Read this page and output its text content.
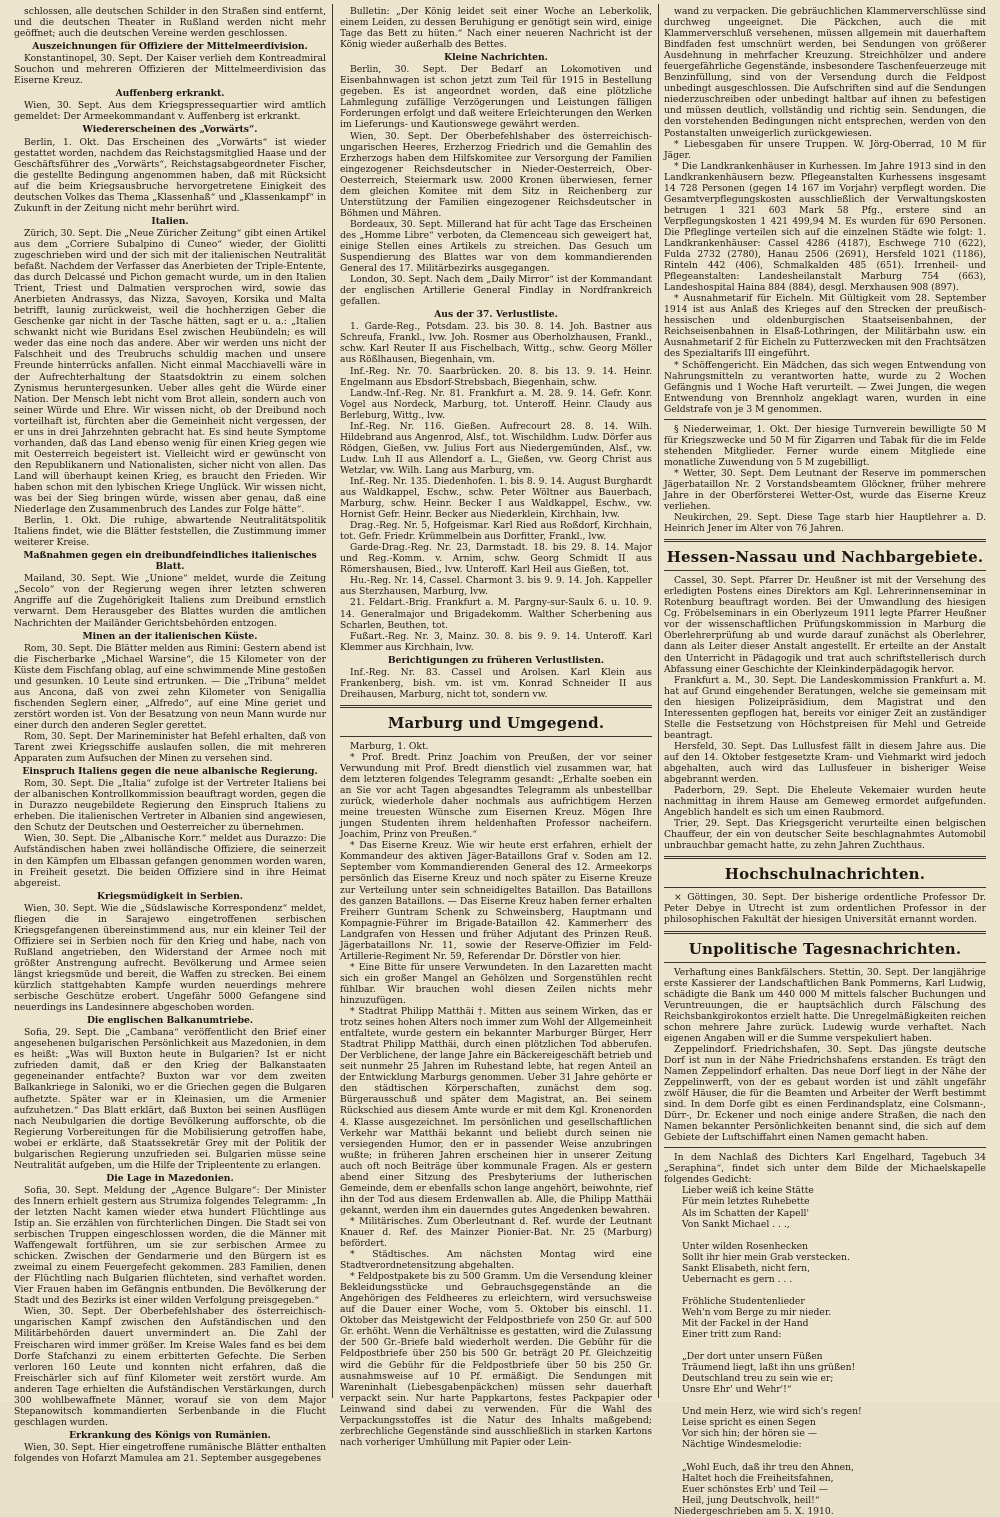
schlossen, alle deutschen Schilder in den Straßen sind entfernt, und die deutschen Theater in Rußland werden nicht mehr geöffnet; auch die deutschen Vereine werden geschlossen.
Auszeichnungen für Offiziere der Mittelmeerdivision.
Konstantinopel, 30. Sept. Der Kaiser verlieh dem Kontreadmiral Souchon und mehreren Offizieren der Mittelmeerdivision das Eiserne Kreuz.
Auffenberg erkrankt.
Wien, 30. Sept. Aus dem Kriegspressequartier wird amtlich gemeldet: Der Armeekommandant v. Auffenberg ist erkrankt.
Wiedererscheinen des „Vorwärts“.
Berlin, 1. Okt. Das Erscheinen des „Vorwärts“ ist wieder gestattet worden, nachdem das Reichstagsmitglied Haase und der Geschäftsführer des „Vorwärts“, Reichstagsabgeordneter Fischer, die gestellte Bedingung angenommen haben, daß mit Rücksicht auf die beim Kriegsausbruche hervorgetretene Einigkeit des deutschen Volkes das Thema „Klassenhaß“ und „Klassenkampf“ in Zukunft in der Zeitung nicht mehr berührt wird.
Italien.
Zürich, 30. Sept. Die „Neue Züricher Zeitung“ gibt einen Artikel aus dem „Corriere Subalpino di Cuneo“ wieder, der Giolitti zugeschrieben wird und der sich mit der italienischen Neutralität befaßt. Nachdem der Verfasser das Anerbieten der Triple-Entente, das durch Delcassé und Pichon gemacht wurde, um in den Italien Trient, Triest und Dalmatien versprochen wird, sowie das Anerbieten Andrassys, das Nizza, Savoyen, Korsika und Malta betrifft, launig zurückweist, weil die hochherzigen Geber die Geschenke gar nicht in der Tasche hätten, sagt er u. a.: „Italien schwankt nicht wie Buridans Esel zwischen Heubündeln; es will weder das eine noch das andere. Aber wir werden uns nicht der Falschheit und des Treubruchs schuldig machen und unsere Freunde hinterrücks anfallen. Nicht einmal Macchiavelli wäre in der Aufrechterhaltung der Staatsdoktrin zu einem solchen Zynismus heruntergesunken. Ueber alles geht die Würde einer Nation. Der Mensch lebt nicht vom Brot allein, sondern auch von seiner Würde und Ehre. Wir wissen nicht, ob der Dreibund noch vorteilhaft ist, fürchten aber die Gemeinheit nicht vergessen, der er uns in drei Jahrzehnten gebracht hat. Es sind heute Symptome vorhanden, daß das Land ebenso wenig für einen Krieg gegen wie mit Oesterreich begeistert ist. Vielleicht wird er gewünscht von den Republikanern und Nationalisten, sicher nicht von allen. Das Land will überhaupt keinen Krieg, es braucht den Frieden. Wir haben schon mit den lybischen Kriege Unglück. Wir wissen nicht, was bei der Sieg bringen würde, wissen aber genau, daß eine Niederlage den Zusammenbruch des Landes zur Folge hätte“.
Berlin, 1. Okt. Die ruhige, abwartende Neutralitätspolitik Italiens findet, wie die Blätter feststellen, die Zustimmung immer weiterer Kreise.
Maßnahmen gegen ein dreibundfeindliches italienisches Blatt.
Mailand, 30. Sept. Wie „Unione“ meldet, wurde die Zeitung „Secolo“ von der Regierung wegen ihrer letzten schweren Angriffe auf die Zugehörigkeit Italiens zum Dreibund ernstlich verwarnt. Dem Herausgeber des Blattes wurden die amtlichen Nachrichten der Mailänder Gerichtsbehörden entzogen.
Minen an der italienischen Küste.
Rom, 30. Sept. Die Blätter melden aus Rimini: Gestern abend ist die Fischerbarke „Michael Warsine“, die 15 Kilometer von der Küste dem Fischfang oblag, auf eine schwimmende Mine gestoßen und gesunken. 10 Leute sind ertrunken. — Die „Tribuna“ meldet aus Ancona, daß von zwei zehn Kilometer von Senigallia fischenden Seglern einer, „Alfredo“, auf eine Mine geriet und zerstört worden ist. Von der Besatzung von neun Mann wurde nur einer durch den anderen Segler gerettet.
Rom, 30. Sept. Der Marineminister hat Befehl erhalten, daß von Tarent zwei Kriegsschiffe auslaufen sollen, die mit mehreren Apparaten zum Aufsuchen der Minen zu versehen sind.
Einspruch Italiens gegen die neue albanische Regierung.
Rom, 30. Sept. Die „Italia“ zufolge ist der Vertreter Italiens bei der albanischen Kontrollkommission beauftragt worden, gegen die in Durazzo neugebildete Regierung den Einspruch Italiens zu erheben. Die italienischen Vertreter in Albanien sind angewiesen, den Schutz der Deutschen und Oesterreicher zu übernehmen.
Wien, 30. Sept. Die „Albanische Korr.“ meldet aus Durazzo: Die Aufständischen haben zwei holländische Offiziere, die seinerzeit in den Kämpfen um Elbassan gefangen genommen worden waren, in Freiheit gesetzt. Die beiden Offiziere sind in ihre Heimat abgereist.
Kriegsmüdigkeit in Serbien.
Wien, 30. Sept. Wie die „Südslawische Korrespondenz“ meldet, fliegen die in Sarajewo eingetroffenen serbischen Kriegsgefangenen übereinstimmend aus, nur ein kleiner Teil der Offiziere sei in Serbien noch für den Krieg und habe, nach von Rußland angetrieben, den Widerstand der Armee noch mit größter Anstrengung aufrecht. Bevölkerung und Armee seien längst kriegsmüde und bereit, die Waffen zu strecken. Bei einem kürzlich stattgehabten Kampfe wurden neuerdings mehrere serbische Geschütze erobert. Ungefähr 5000 Gefangene sind neuerdings ins Landesinnere abgeschoben worden.
Die englischen Balkanumtriebe.
Sofia, 29. Sept. Die „Cambana“ veröffentlicht den Brief einer angesehenen bulgarischen Persönlichkeit aus Mazedonien, in dem es heißt: „Was will Buxton heute in Bulgarien? Ist er nicht zufrieden damit, daß er den Krieg der Balkanstaaten gegeneinander entfachte? Buxton war vor dem zweiten Balkankriege in Saloniki, wo er die Griechen gegen die Bulgaren aufhetzte. Später war er in Kleinasien, um die Armenier aufzuhetzen.“ Das Blatt erklärt, daß Buxton bei seinen Ausflügen nach Neubulgarien die dortige Bevölkerung aufforschte, ob die Regierung Vorbereitungen für die Mobilisierung getroffen habe, wobei er erklärte, daß Staatssekretär Grey mit der Politik der bulgarischen Regierung unzufrieden sei. Bulgarien müsse seine Neutralität aufgeben, um die Hilfe der Tripleentente zu erlangen.
Die Lage in Mazedonien.
Sofia, 30. Sept. Meldung der „Agence Bulgare“: Der Minister des Innern erhielt gestern aus Strumiza folgendes Telegramm: „In der letzten Nacht kamen wieder etwa hundert Flüchtlinge aus Istip an. Sie erzählen von fürchterlichen Dingen. Die Stadt sei von serbischen Truppen eingeschlossen worden, die die Männer mit Waffengewalt fortführen, um sie zur serbischen Armee zu schicken. Zwischen der Gendarmerie und den Bürgern ist es zweimal zu einem Feuergefecht gekommen. 283 Familien, denen der Flüchtling nach Bulgarien flüchteten, sind verhaftet worden. Vier Frauen haben im Gefängnis entbunden. Die Bevölkerung der Stadt und des Bezirks ist einer wilden Verfolgung preisgegeben.“
Wien, 30. Sept. Der Oberbefehlshaber des österreichisch-ungarischen Kampf zwischen den Aufständischen und den Militärbehörden dauert unvermindert an. Die Zahl der Freischaren wird immer größer. Im Kreise Wales fand es bei dem Dorfe Stafchanzi zu einem erbitterten Gefechte. Die Serben verloren 160 Leute und konnten nicht erfahren, daß die Freischärler sich auf fünf Kilometer weit zerstört wurde. Am anderen Tage erhielten die Aufständischen Verstärkungen, durch 300 wohlbewaffnete Männer, worauf sie von dem Major Stepanowitsch kommandierten Serbenbande in die Flucht geschlagen wurden.
Erkrankung des Königs von Rumänien.
Wien, 30. Sept. Hier eingetroffene rumänische Blätter enthalten folgendes von Hofarzt Mamulea am 21. September ausgegebenes
Bulletin: „Der König leidet seit einer Woche an Leberkolik, einem Leiden, zu dessen Beruhigung er genötigt sein wird, einige Tage das Bett zu hüten.“ Nach einer neueren Nachricht ist der König wieder außerhalb des Bettes.
Kleine Nachrichten.
Berlin, 30. Sept. Der Bedarf an Lokomotiven und Eisenbahnwagen ist schon jetzt zum Teil für 1915 in Bestellung gegeben. Es ist angeordnet worden, daß eine plötzliche Lahmlegung zufällige Verzögerungen und Leistungen fälligen Forderungen erfolgt und daß weitere Erleichterungen den Werken im Lieferungs- und Kautionswege gewährt werden.
Wien, 30. Sept. Der Oberbefehlshaber des österreichisch-ungarischen Heeres, Erzherzog Friedrich und die Gemahlin des Erzherzogs haben dem Hilfskomitee zur Versorgung der Familien eingezogener Reichsdeutscher in Nieder-Oesterreich, Ober-Oesterreich, Steiermark usw. 2000 Kronen überwiesen, ferner dem gleichen Komitee mit dem Sitz in Reichenberg zur Unterstützung der Familien eingezogener Reichsdeutscher in Böhmen und Mähren.
Bordeaux, 30. Sept. Millerand hat für acht Tage das Erscheinen des „Homme Libre“ verboten, da Clemenceau sich geweigert hat, einige Stellen eines Artikels zu streichen. Das Gesuch um Suspendierung des Blattes war von dem kommandierenden General des 17. Militärbezirks ausgegangen.
London, 30. Sept. Nach dem „Daily Mirror“ ist der Kommandant der englischen Artillerie General Findlay in Nordfrankreich gefallen.
Aus der 37. Verlustliste.
1. Garde-Reg., Potsdam. 23. bis 30. 8. 14. Joh. Bastner aus Schreufa, Frankl., lvw. Joh. Rosmer aus Oberholzhausen, Frankl., schw. Karl Reuter II aus Fischelbach, Wittg., schw. Georg Möller aus Rößlhausen, Biegenhain, vm.
Inf.-Reg. Nr. 70. Saarbrücken. 20. 8. bis 13. 9. 14. Heinr. Engelmann aus Ebsdorf-Strebsbach, Biegenhain, schw.
Landw.-Inf.-Reg. Nr. 81. Frankfurt a. M. 28. 9. 14. Gefr. Konr. Vogel aus Nordeck, Marburg, tot. Unteroff. Heinr. Claudy aus Berleburg, Wittg., lvw.
Inf.-Reg. Nr. 116. Gießen. Aufrecourt 28. 8. 14. Wilh. Hildebrand aus Angenrod, Alsf., tot. Wischildhm. Ludw. Dörfer aus Rödgen, Gießen, vw. Julius Fort aus Niedergemünden, Alsf., vw. Ludw. Luh II aus Allendorf a. L., Gießen, vw. Georg Christ aus Wetzlar, vw. Wilh. Lang aus Marburg, vm.
Inf.-Reg. Nr. 135. Diedenhofen. 1. bis 8. 9. 14. August Burghardt aus Waldkappel, Eschw., schw. Peter Wöltner aus Bauerbach, Marburg, schw. Heinr. Becker I aus Waldkappel, Eschw., vw. Hornist Gefr. Heinr. Becker aus Niederklein, Kirchhain, lvw.
Drag.-Reg. Nr. 5, Hofgeismar. Karl Ried aus Roßdorf, Kirchhain, tot. Gefr. Friedr. Krümmelbein aus Dorfitter, Frankl., lvw.
Garde-Drag.-Reg. Nr. 23, Darmstadt. 18. bis 29. 8. 14. Major und Reg.-Komm. v. Arnim, schw. Georg Schmidt II aus Römershausen, Bied., lvw. Unteroff. Karl Heil aus Gießen, tot.
Hu.-Reg. Nr. 14, Cassel. Charmont 3. bis 9. 9. 14. Joh. Kappeller aus Sterzhausen, Marburg, lvw.
21. Feldart.-Brig. Frankfurt a. M. Pargny-sur-Saulx 6. u. 10. 9. 14. Generalmajor und Brigadekomm. Walther Scherbening aus Scharlen, Beuthen, tot.
Fußart.-Reg. Nr. 3, Mainz. 30. 8. bis 9. 9. 14. Unteroff. Karl Klemmer aus Kirchhain, lvw.
Berichtigungen zu früheren Verlustlisten.
Inf.-Reg. Nr. 83. Cassel und Arolsen. Karl Klein aus Frankenberg, bish. vm. ist vm. Konrad Schneider II aus Dreihausen, Marburg, nicht tot, sondern vw.
Marburg und Umgegend.
Marburg, 1. Okt.
* Prof. Bredt. Prinz Joachim von Preußen, der vor seiner Verwundung mit Prof. Bredt dienstlich viel zusammen war, hat dem letzteren folgendes Telegramm gesandt: „Erhalte soeben ein an Sie vor acht Tagen abgesandtes Telegramm als unbestellbar zurück, wiederhole daher nochmals aus aufrichtigem Herzen meine treuesten Wünsche zum Eisernen Kreuz. Mögen Ihre jungen Studenten ihrem heldenhaften Professor nacheifern. Joachim, Prinz von Preußen.“
* Das Eiserne Kreuz. Wie wir heute erst erfahren, erhielt der Kommandeur des aktiven Jäger-Bataillons Graf v. Soden am 12. September vom Kommandierenden General des 12. Armeekorps persönlich das Eiserne Kreuz und noch später zu Eiserne Kreuze zur Verteilung unter sein schneidigeltes Bataillon. Das Bataillons des ganzen Bataillons. — Das Eiserne Kreuz haben ferner erhalten Freiherr Guntram Schenk zu Schweinsberg, Hauptmann und Kompagnie-Führer im Brigade-Bataillon 42. Kammerherr des Landgrafen von Hessen und früher Adjutant des Prinzen Reuß. Jägerbataillons Nr. 11, sowie der Reserve-Offizier im Feld-Artillerie-Regiment Nr. 59, Referendar Dr. Dörstler von hier.
* Eine Bitte für unsere Verwundeten. In den Lazaretten macht sich ein großer Mangel an Gehölzen und Sorgenstühlen recht fühlbar. Wir brauchen wohl diesen Zeilen nichts mehr hinzuzufügen.
* Stadtrat Philipp Matthäi †. Mitten aus seinem Wirken, das er trotz seines hohen Alters noch immer zum Wohl der Allgemeinheit entfaltete, wurde gestern ein bekannter Marburger Bürger, Herr Stadtrat Philipp Matthäi, durch einen plötzlichen Tod abberufen. Der Verblichene, der lange Jahre ein Bäckereigeschäft betrieb und seit nunmehr 25 Jahren im Ruhestand lebte, hat regen Anteil an der Entwicklung Marburgs genommen. Ueber 31 Jahre gehörte er den städtischen Körperschaften, zunächst dem sog. Bürgerausschuß und später dem Magistrat, an. Bei seinem Rückschied aus diesem Amte wurde er mit dem Kgl. Kronenorden 4. Klasse ausgezeichnet. Im persönlichen und gesellschaftlichen Verkehr war Matthäi bekannt und beliebt durch seinen nie versiegenden Humor, den er in passender Weise anzubringen wußte; in früheren Jahren erscheinen hier in unserer Zeitung auch oft noch Beiträge über kommunale Fragen. Als er gestern abend einer Sitzung des Presbyteriums der lutherischen Gemeinde, dem er ebenfalls schon lange angehört, beiwohnte, rief ihn der Tod aus diesem Erdenwallen ab. Alle, die Philipp Matthäi gekannt, werden ihm ein dauerndes gutes Angedenken bewahren.
* Militärisches. Zum Oberleutnant d. Ref. wurde der Leutnant Knauer d. Ref. des Mainzer Pionier-Bat. Nr. 25 (Marburg) befördert.
* Städtisches. Am nächsten Montag wird eine Stadtverordnetensitzung abgehalten.
* Feldpostpakete bis zu 500 Gramm. Um die Versendung kleiner Bekleidungsstücke und Gebrauchsgegenstände an die Angehörigen des Feldheeres zu erleichtern, wird versuchsweise auf die Dauer einer Woche, vom 5. Oktober bis einschl. 11. Oktober das Meistgewicht der Feldpostbriefe von 250 Gr. auf 500 Gr. erhöht. Wenn die Verhältnisse es gestatten, wird die Zulassung der 500 Gr.-Briefe bald wiederholt werden. Die Gebühr für die Feldpostbriefe über 250 bis 500 Gr. beträgt 20 Pf. Gleichzeitig wird die Gebühr für die Feldpostbriefe über 50 bis 250 Gr. ausnahmsweise auf 10 Pf. ermäßigt. Die Sendungen mit Wareninhalt (Liebesgabenpäckchen) müssen sehr dauerhaft verpackt sein. Nur harte Pappkartons, festes Packpapier oder Leinwand sind dabei zu verwenden. Für die Wahl des Verpackungsstoffes ist die Natur des Inhalts maßgebend; zerbrechliche Gegenstände sind ausschließlich in starken Kartons nach vorheriger Umhüllung mit Papier oder Lein-
wand zu verpacken. Die gebräuchlichen Klammerverschlüsse sind durchweg ungeeignet. Die Päckchen, auch die mit Klammerverschluß versehenen, müssen allgemein mit dauerhaftem Bindfaden fest umschnürt werden, bei Sendungen von größerer Ausdehnung in mehrfacher Kreuzung. Streichhölzer und andere feuergefährliche Gegenstände, insbesondere Taschenfeuerzeuge mit Benzinfüllung, sind von der Versendung durch die Feldpost unbedingt ausgeschlossen. Die Aufschriften sind auf die Sendungen niederzuschreiben oder unbedingt haltbar auf ihnen zu befestigen und müssen deutlich, vollständig und richtig sein. Sendungen, die den vorstehenden Bedingungen nicht entsprechen, werden von den Postanstalten unweigerlich zurückgewiesen.
* Liebesgaben für unsere Truppen. W. Jörg-Oberrad, 10 M für Jäger.
* Die Landkrankenhäuser in Kurhessen. Im Jahre 1913 sind in den Landkrankenhäusern bezw. Pflegeanstalten Kurhessens insgesamt 14 728 Personen (gegen 14 167 im Vorjahr) verpflegt worden. Die Gesamtverpflegungskosten ausschließlich der Verwaltungskosten betrugen 1 321 603 Mark 58 Pfg., erstere sind an Verpflegungskosten 1 421 499,94 M. Es wurden für 690 Personen. Die Pfleglinge verteilen sich auf die einzelnen Städte wie folgt: 1. Landkrankenhäuser: Cassel 4286 (4187), Eschwege 710 (622), Fulda 2732 (2780), Hanau 2506 (2691), Hersfeld 1021 (1186), Rinteln 442 (406), Schmalkalden 485 (651). Irrenheil- und Pflegeanstalten: Landesheilanstalt Marburg 754 (663), Landeshospital Haina 884 (884), desgl. Merxhausen 908 (897).
* Ausnahmetarif für Eicheln. Mit Gültigkeit vom 28. September 1914 ist aus Anlaß des Krieges auf den Strecken der preußisch-hessischen und oldenburgischen Staatseisenbahnen, der Reichseisenbahnen in Elsaß-Lothringen, der Militärbahn usw. ein Ausnahmetarif 2 für Eicheln zu Futterzwecken mit den Frachtsätzen des Spezialtarifs III eingeführt.
* Schöffengericht. Ein Mädchen, das sich wegen Entwendung von Nahrungsmitteln zu verantworten hatte, wurde zu 2 Wochen Gefängnis und 1 Woche Haft verurteilt. — Zwei Jungen, die wegen Entwendung von Brennholz angeklagt waren, wurden in eine Geldstrafe von je 3 M genommen.
§ Niederweimar, 1. Okt. Der hiesige Turnverein bewilligte 50 M für Kriegszwecke und 50 M für Zigarren und Tabak für die im Felde stehenden Mitglieder. Ferner wurde einem Mitgliede eine monatliche Zuwendung von 5 M zugebilligt.
* Wetter, 30. Sept. Dem Leutnant der Reserve im pommerschen Jägerbataillon Nr. 2 Vorstandsbeamtem Glöckner, früher mehrere Jahre in der Oberförsterei Wetter-Ost, wurde das Eiserne Kreuz verliehen.
Neukirchen, 29. Sept. Diese Tage starb hier Hauptlehrer a. D. Heinrich Jener im Alter von 76 Jahren.
Hessen-Nassau und Nachbargebiete.
Cassel, 30. Sept. Pfarrer Dr. Heußner ist mit der Versehung des erledigten Postens eines Direktors am Kgl. Lehrerinnenseminar in Rotenburg beauftragt worden. Bei der Umwandlung des hiesigen Cg. Fröbelseminars in ein Oberlyzeum 1911 legte Pfarrer Heußner vor der wissenschaftlichen Prüfungskommission in Marburg die Oberlehrerprüfung ab und wurde darauf zunächst als Oberlehrer, dann als Leiter dieser Anstalt angestellt. Er erteilte an der Anstalt den Unterricht in Pädagogik und trat auch schriftstellerisch durch Abfassung einer Geschichte der Kleinkinderpädagogik hervor.
Frankfurt a. M., 30. Sept. Die Landeskommission Frankfurt a. M. hat auf Grund eingehender Beratungen, welche sie gemeinsam mit den hiesigen Polizeipräsidium, dem Magistrat und den Interessenten gepflogen hat, bereits vor einiger Zeit an zuständiger Stelle die Festsetzung von Höchstpreisen für Mehl und Getreide beantragt.
Hersfeld, 30. Sept. Das Lullusfest fällt in diesem Jahre aus. Die auf den 14. Oktober festgesetzte Kram- und Viehmarkt wird jedoch abgehalten, auch wird das Lullusfeuer in bisheriger Weise abgebrannt werden.
Paderborn, 29. Sept. Die Eheleute Vekemaier wurden heute nachmittag in ihrem Hause am Gemeweg ermordet aufgefunden. Angeblich handelt es sich um einen Raubmord.
Trier, 29. Sept. Das Kriegsgericht verurteilte einen belgischen Chauffeur, der ein von deutscher Seite beschlagnahmtes Automobil unbrauchbar gemacht hatte, zu zehn Jahren Zuchthaus.
Hochschulnachrichten.
× Göttingen, 30. Sept. Der bisherige ordentliche Professor Dr. Peter Debye in Utrecht ist zum ordentlichen Professor in der philosophischen Fakultät der hiesigen Universität ernannt worden.
Unpolitische Tagesnachrichten.
Verhaftung eines Bankfälschers. Stettin, 30. Sept. Der langjährige erste Kassierer der Landschaftlichen Bank Pommerns, Karl Ludwig, schädigte die Bank um 440 000 M mittels falscher Buchungen und Veruntreuungen, die er hauptsächlich durch Fälschung des Reichsbankgirokontos erzielt hatte. Die Unregelmäßigkeiten reichen schon mehrere Jahre zurück. Ludewig wurde verhaftet. Nach eigenen Angaben will er die Summe verspekuliert haben.
Zeppelindorf. Friedrichshafen, 30. Sept. Das jüngste deutsche Dorf ist nun in der Nähe Friedrichshafens erstanden. Es trägt den Namen Zeppelindorf erhalten. Das neue Dorf liegt in der Nähe der Zeppelinwerft, von der es gebaut worden ist und zählt ungefähr zwölf Häuser, die für die Beamten und Arbeiter der Werft bestimmt sind. In dem Dorfe gibt es einen Ferdinandsplatz, eine Colsmann-, Dürr-, Dr. Eckener und noch einige andere Straßen, die nach den Namen bekannter Persönlichkeiten benannt sind, die sich auf dem Gebiete der Luftschiffahrt einen Namen gemacht haben.
In dem Nachlaß des Dichters Karl Engelhard, Tagebuch 34 „Seraphina“, findet sich unter dem Bilde der Michaelskapelle folgendes Gedicht:
Lieber weiß ich keine Stätte
Für mein letztes Ruhebette
Als im Schatten der Kapell'
Von Sankt Michael . . .,

Unter wilden Rosenhecken
Sollt ihr hier mein Grab verstecken.
Sankt Elisabeth, nicht fern,
Uebernacht es gern . . .

Fröhliche Studentenlieder
Weh'n vom Berge zu mir nieder.
Mit der Fackel in der Hand
Einer tritt zum Rand:

„Der dort unter unsern Füßen
Träumend liegt, laßt ihn uns grüßen!
Deutschland treu zu sein wie er;
Unsre Ehr' und Wehr'!“

Und mein Herz, wie wird sich's regen!
Leise spricht es einen Segen
Vor sich hin; der hören sie —
Nächtige Windesmelodie:

„Wohl Euch, daß ihr treu den Ahnen,
Haltet hoch die Freiheitsfahnen,
Euer schönstes Erb' und Teil —
Heil, jung Deutschvolk, heil!“
Niedergeschrieben am 5. X. 1910.
